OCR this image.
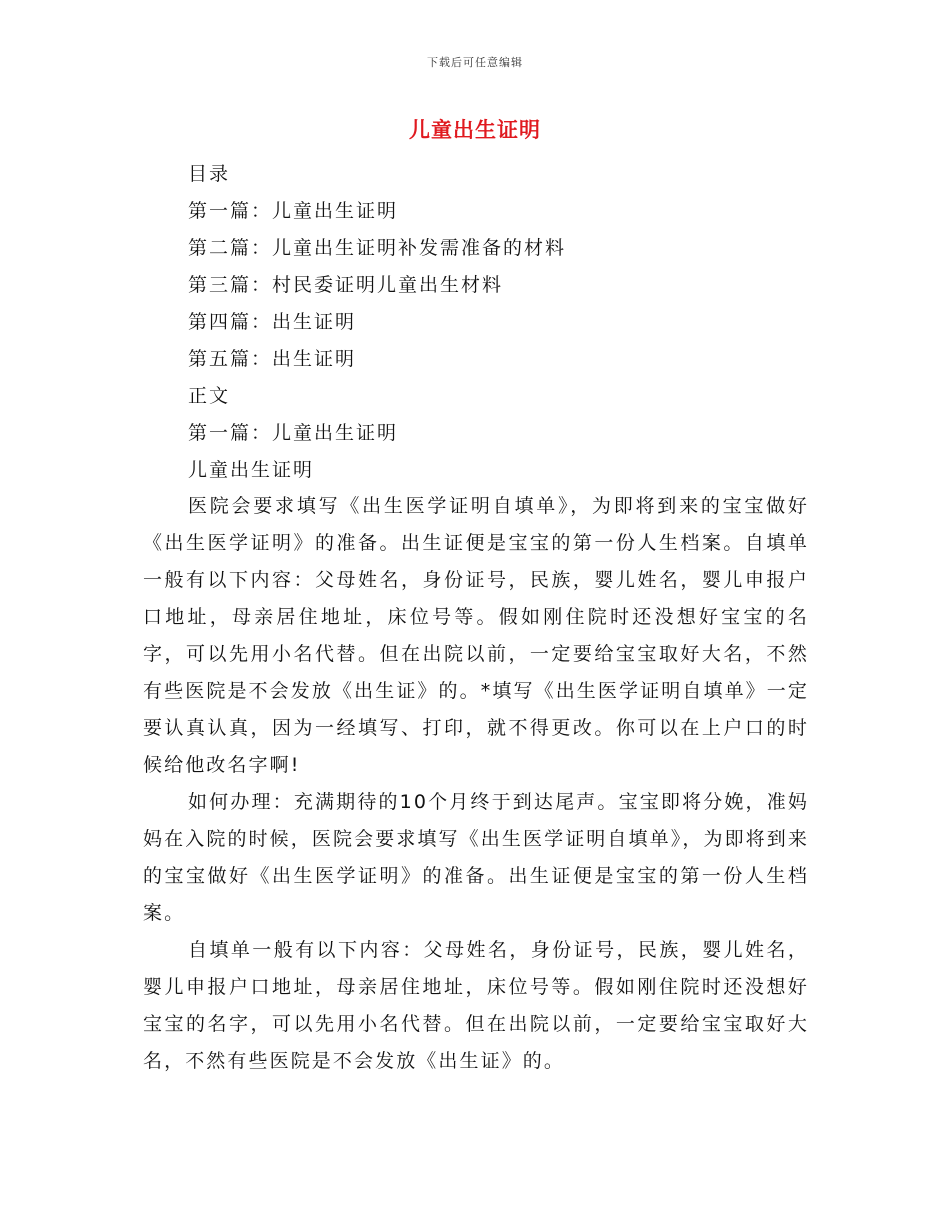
下载后可任意编辑
儿童出生证明
目录
第一篇：儿童出生证明
第二篇：儿童出生证明补发需准备的材料
第三篇：村民委证明儿童出生材料
第四篇：出生证明
第五篇：出生证明
正文
第一篇：儿童出生证明
儿童出生证明

医院会要求填写《出生医学证明自填单》，为即将到来的宝宝做好《出生医学证明》的准备。出生证便是宝宝的第一份人生档案。自填单一般有以下内容：父母姓名，身份证号，民族，婴儿姓名，婴儿申报户口地址，母亲居住地址，床位号等。假如刚住院时还没想好宝宝的名字，可以先用小名代替。但在出院以前，一定要给宝宝取好大名，不然有些医院是不会发放《出生证》的。*填写《出生医学证明自填单》一定要认真认真，因为一经填写、打印，就不得更改。你可以在上户口的时候给他改名字啊!

如何办理：充满期待的10个月终于到达尾声。宝宝即将分娩，准妈妈在入院的时候，医院会要求填写《出生医学证明自填单》，为即将到来的宝宝做好《出生医学证明》的准备。出生证便是宝宝的第一份人生档案。

自填单一般有以下内容：父母姓名，身份证号，民族，婴儿姓名，婴儿申报户口地址，母亲居住地址，床位号等。假如刚住院时还没想好宝宝的名字，可以先用小名代替。但在出院以前，一定要给宝宝取好大名，不然有些医院是不会发放《出生证》的。
